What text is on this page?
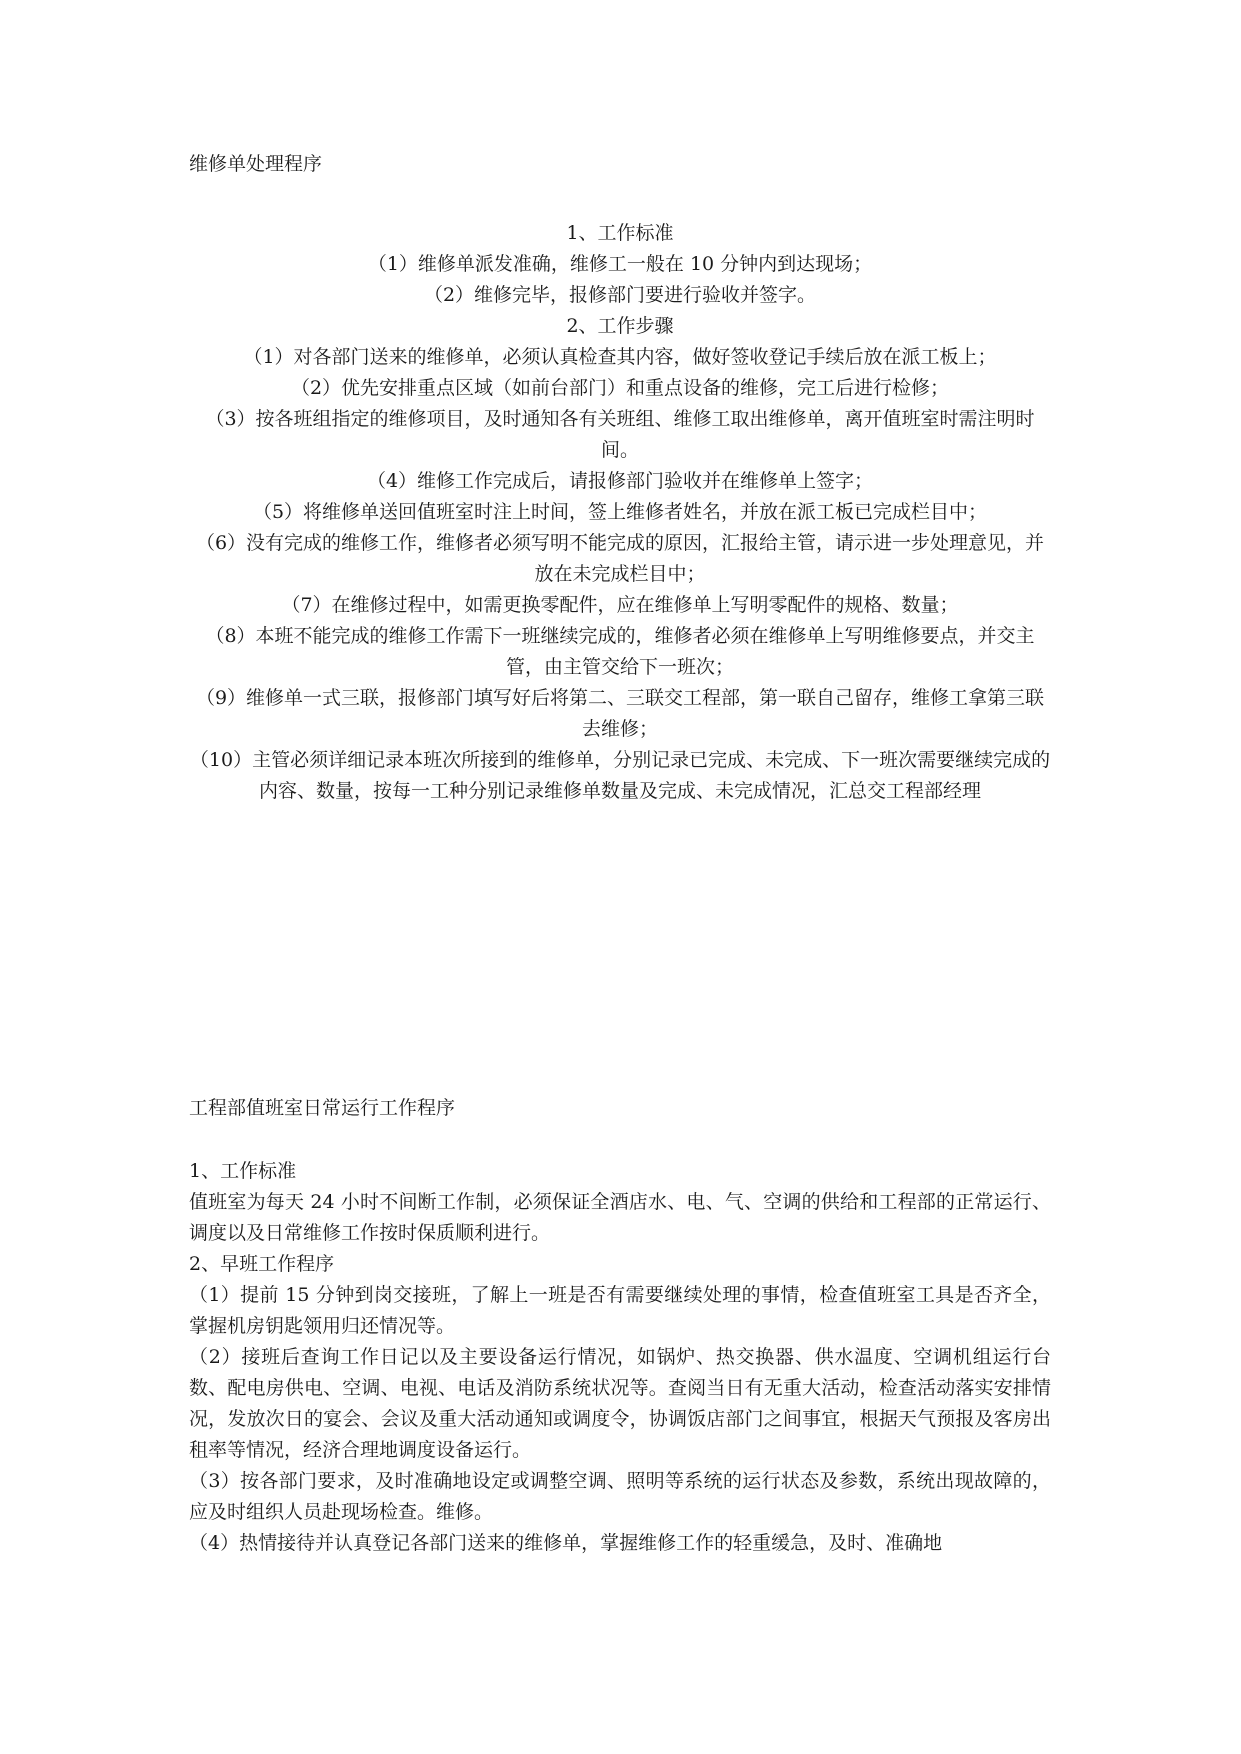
维修单处理程序

1、工作标准

（1）维修单派发准确，维修工一般在 10 分钟内到达现场；

（2）维修完毕，报修部门要进行验收并签字。

2、工作步骤

（1）对各部门送来的维修单，必须认真检查其内容，做好签收登记手续后放在派工板上；

（2）优先安排重点区域（如前台部门）和重点设备的维修，完工后进行检修；

（3）按各班组指定的维修项目，及时通知各有关班组、维修工取出维修单，离开值班室时需注明时间。

（4）维修工作完成后，请报修部门验收并在维修单上签字；

（5）将维修单送回值班室时注上时间，签上维修者姓名，并放在派工板已完成栏目中；

（6）没有完成的维修工作，维修者必须写明不能完成的原因，汇报给主管，请示进一步处理意见，并放在未完成栏目中；

（7）在维修过程中，如需更换零配件，应在维修单上写明零配件的规格、数量；

（8）本班不能完成的维修工作需下一班继续完成的，维修者必须在维修单上写明维修要点，并交主管，由主管交给下一班次；

（9）维修单一式三联，报修部门填写好后将第二、三联交工程部，第一联自己留存，维修工拿第三联去维修；

（10）主管必须详细记录本班次所接到的维修单，分别记录已完成、未完成、下一班次需要继续完成的内容、数量，按每一工种分别记录维修单数量及完成、未完成情况，汇总交工程部经理

工程部值班室日常运行工作程序

1、工作标准

值班室为每天 24 小时不间断工作制，必须保证全酒店水、电、气、空调的供给和工程部的正常运行、调度以及日常维修工作按时保质顺利进行。

2、早班工作程序

（1）提前 15 分钟到岗交接班，了解上一班是否有需要继续处理的事情，检查值班室工具是否齐全，掌握机房钥匙领用归还情况等。

（2）接班后查询工作日记以及主要设备运行情况，如锅炉、热交换器、供水温度、空调机组运行台数、配电房供电、空调、电视、电话及消防系统状况等。查阅当日有无重大活动，检查活动落实安排情况，发放次日的宴会、会议及重大活动通知或调度令，协调饭店部门之间事宜，根据天气预报及客房出租率等情况，经济合理地调度设备运行。

（3）按各部门要求，及时准确地设定或调整空调、照明等系统的运行状态及参数，系统出现故障的，应及时组织人员赴现场检查。维修。

（4）热情接待并认真登记各部门送来的维修单，掌握维修工作的轻重缓急，及时、准确地
